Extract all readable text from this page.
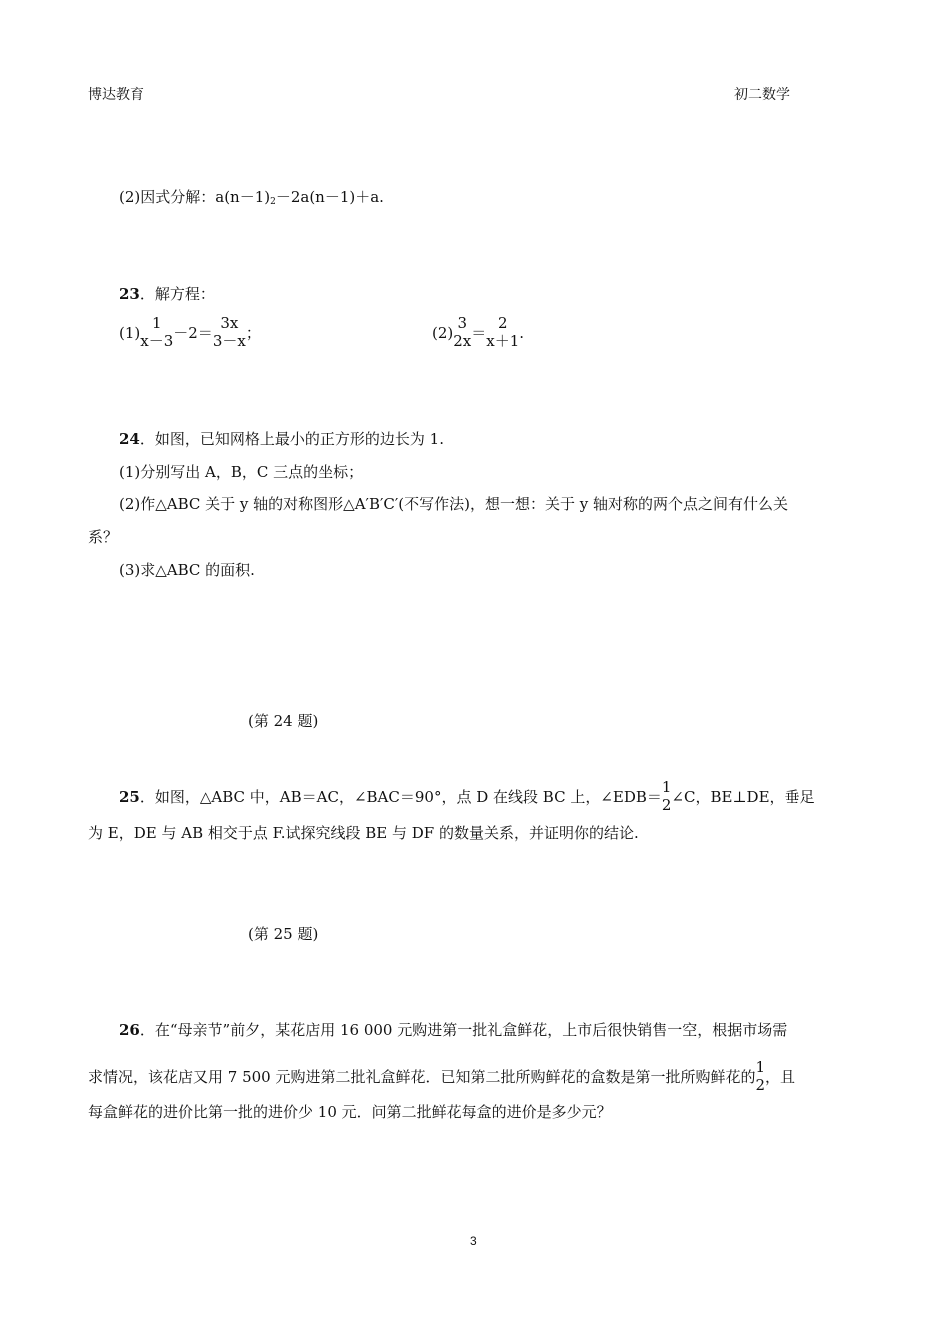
博达教育	初二数学
(2)因式分解：$a(n-1)_2-2a(n-1)+a$.
23．解方程：
(1)
1
x－3 －2＝
3x
3－x ；	(2)
3
2x ＝
2
x＋1 .
24．如图，已知网格上最小的正方形的边长为 1.
(1)分别写出 A，B，C 三点的坐标；
(2)作△ABC 关于 y 轴的对称图形△A′B′C′(不写作法)，想一想：关于 y 轴对称的两个点之间有什么关
系？
(3)求△ABC 的面积.
(第 24 题)
25．如图，△ABC 中，AB＝AC，∠BAC＝90°，点 D 在线段 BC 上，∠EDB＝
1
2 ∠C，BE⊥DE，垂足
为 E，DE 与 AB 相交于点 F.试探究线段 BE 与 DF 的数量关系，并证明你的结论.
(第 25 题)
26．在“母亲节”前夕，某花店用 16 000 元购进第一批礼盒鲜花，上市后很快销售一空，根据市场需
求情况，该花店又用 7 500 元购进第二批礼盒鲜花．已知第二批所购鲜花的盒数是第一批所购鲜花的
1
2 ，且
每盒鲜花的进价比第一批的进价少 10 元．问第二批鲜花每盒的进价是多少元？
3
